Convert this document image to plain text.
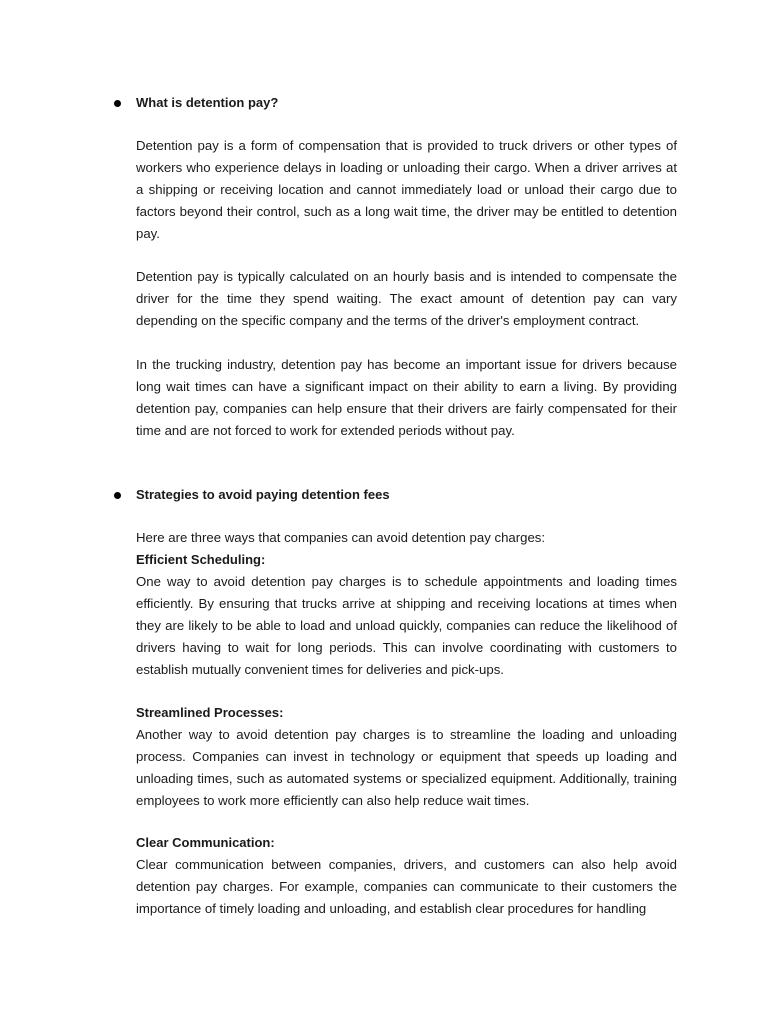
What is detention pay?

Detention pay is a form of compensation that is provided to truck drivers or other types of workers who experience delays in loading or unloading their cargo. When a driver arrives at a shipping or receiving location and cannot immediately load or unload their cargo due to factors beyond their control, such as a long wait time, the driver may be entitled to detention pay.

Detention pay is typically calculated on an hourly basis and is intended to compensate the driver for the time they spend waiting. The exact amount of detention pay can vary depending on the specific company and the terms of the driver's employment contract.

In the trucking industry, detention pay has become an important issue for drivers because long wait times can have a significant impact on their ability to earn a living. By providing detention pay, companies can help ensure that their drivers are fairly compensated for their time and are not forced to work for extended periods without pay.

Strategies to avoid paying detention fees

Here are three ways that companies can avoid detention pay charges:

Efficient Scheduling:

One way to avoid detention pay charges is to schedule appointments and loading times efficiently. By ensuring that trucks arrive at shipping and receiving locations at times when they are likely to be able to load and unload quickly, companies can reduce the likelihood of drivers having to wait for long periods. This can involve coordinating with customers to establish mutually convenient times for deliveries and pick-ups.

Streamlined Processes:

Another way to avoid detention pay charges is to streamline the loading and unloading process. Companies can invest in technology or equipment that speeds up loading and unloading times, such as automated systems or specialized equipment. Additionally, training employees to work more efficiently can also help reduce wait times.

Clear Communication:

Clear communication between companies, drivers, and customers can also help avoid detention pay charges. For example, companies can communicate to their customers the importance of timely loading and unloading, and establish clear procedures for handling
